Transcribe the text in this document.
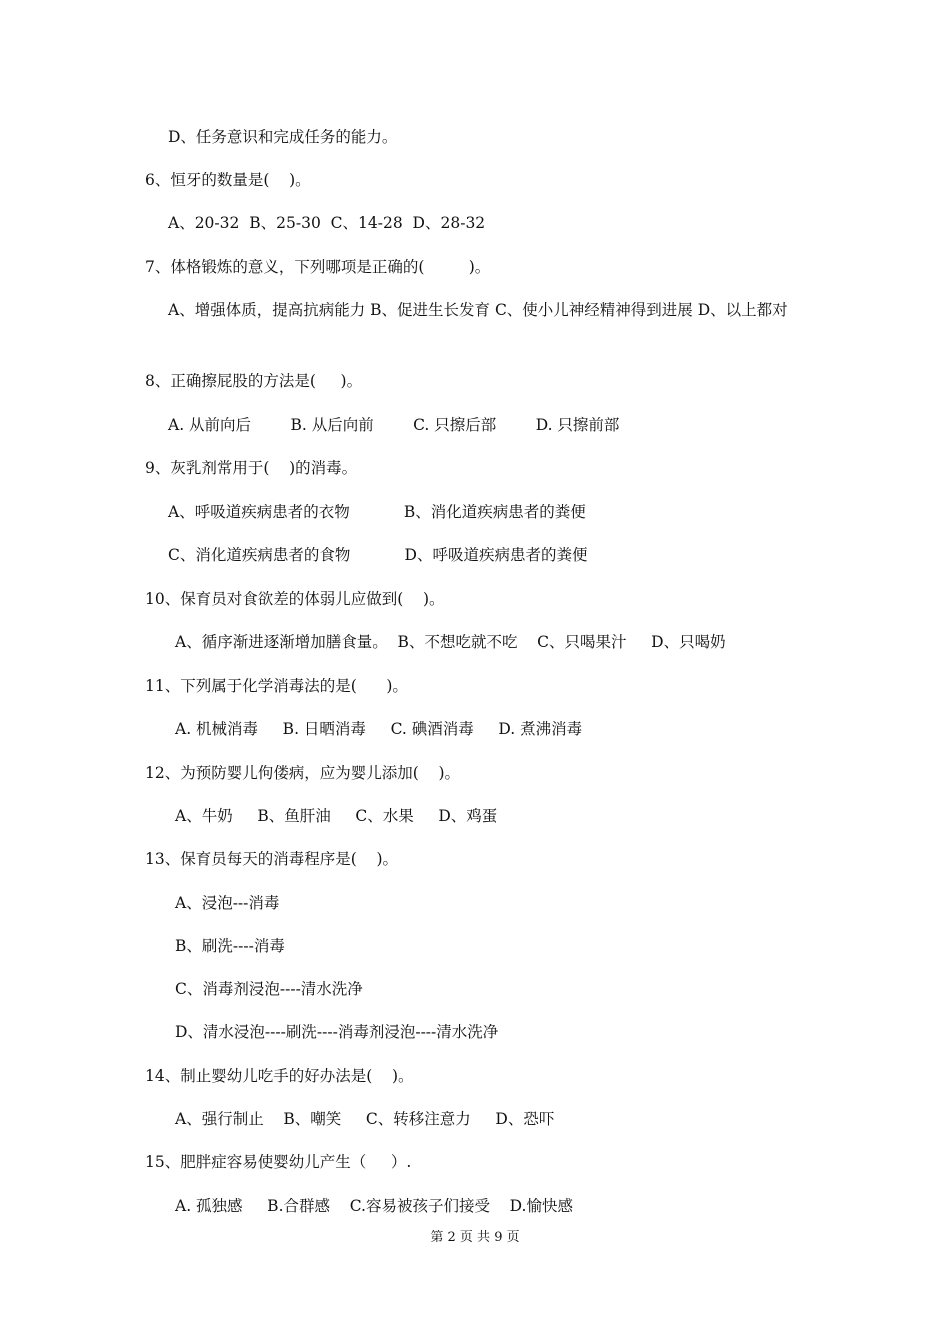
D、任务意识和完成任务的能力。
6、恒牙的数量是(    )。
A、20-32  B、25-30  C、14-28  D、28-32
7、体格锻炼的意义，下列哪项是正确的(         )。
A、增强体质，提高抗病能力 B、促进生长发育 C、使小儿神经精神得到进展 D、以上都对
8、正确擦屁股的方法是(     )。
A. 从前向后        B. 从后向前        C. 只擦后部        D. 只擦前部
9、灰乳剂常用于(    )的消毒。
A、呼吸道疾病患者的衣物           B、消化道疾病患者的粪便
C、消化道疾病患者的食物           D、呼吸道疾病患者的粪便
10、保育员对食欲差的体弱儿应做到(    )。
A、循序渐进逐渐增加膳食量。  B、不想吃就不吃    C、只喝果汁     D、只喝奶
11、下列属于化学消毒法的是(      )。
A. 机械消毒     B. 日晒消毒     C. 碘酒消毒     D. 煮沸消毒
12、为预防婴儿佝偻病，应为婴儿添加(    )。
A、牛奶     B、鱼肝油     C、水果     D、鸡蛋
13、保育员每天的消毒程序是(    )。
A、浸泡---消毒
B、刷洗----消毒
C、消毒剂浸泡----清水洗净
D、清水浸泡----刷洗----消毒剂浸泡----清水洗净
14、制止婴幼儿吃手的好办法是(    )。
A、强行制止    B、嘲笑     C、转移注意力     D、恐吓
15、肥胖症容易使婴幼儿产生（     ）.
A. 孤独感     B.合群感    C.容易被孩子们接受    D.愉快感
第 2 页 共 9 页
